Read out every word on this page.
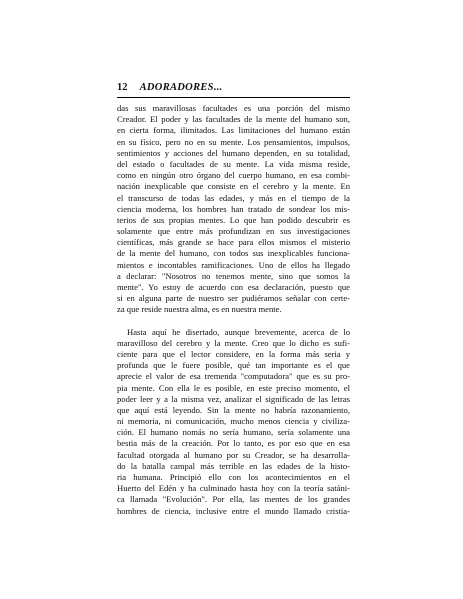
12 ADORADORES...
das sus maravillosas facultades es una porción del mismo
Creador. El poder y las facultades de la mente del humano son,
en cierta forma, ilimitados. Las limitaciones del humano están
en su físico, pero no en su mente. Los pensamientos, impulsos,
sentimientos y acciones del humano dependen, en su totalidad,
del estado o facultades de su mente. La vida misma reside,
como en ningún otro órgano del cuerpo humano, en esa combi-
nación inexplicable que consiste en el cerebro y la mente. En
el transcurso de todas las edades, y más en el tiempo de la
ciencia moderna, los hombres han tratado de sondear los mis-
terios de sus propias mentes. Lo que han podido descubrir es
solamente que entre más profundizan en sus investigaciones
científicas, más grande se hace para ellos mismos el misterio
de la mente del humano, con todos sus inexplicables funciona-
mientos e incontables ramificaciones. Uno de ellos ha llegado
a declarar: "Nosotros no tenemos mente, sino que somos la
mente". Yo estoy de acuerdo con esa declaración, puesto que
si en alguna parte de nuestro ser pudiéramos señalar con certe-
za que reside nuestra alma, es en nuestra mente.
Hasta aquí he disertado, aunque brevemente, acerca de lo
maravilloso del cerebro y la mente. Creo que lo dicho es sufi-
ciente para que el lector considere, en la forma más seria y
profunda que le fuere posible, qué tan importante es el que
aprecie el valor de esa tremenda "computadora" que es su pro-
pia mente. Con ella le es posible, en este preciso momento, el
poder leer y a la misma vez, analizar el significado de las letras
que aquí está leyendo. Sin la mente no habría razonamiento,
ni memoria, ni comunicación, mucho menos ciencia y civiliza-
ción. El humano nomás no sería humano, sería solamente una
bestia más de la creación. Por lo tanto, es por eso que en esa
facultad otorgada al humano por su Creador, se ha desarrolla-
do la batalla campal más terrible en las edades de la histo-
ria humana. Principió ello con los acontecimientos en el
Huerto del Edén y ha culminado hasta hoy con la teoría satáni-
ca llamada "Evolución". Por ella, las mentes de los grandes
hombres de ciencia, inclusive entre el mundo llamado cristia-
